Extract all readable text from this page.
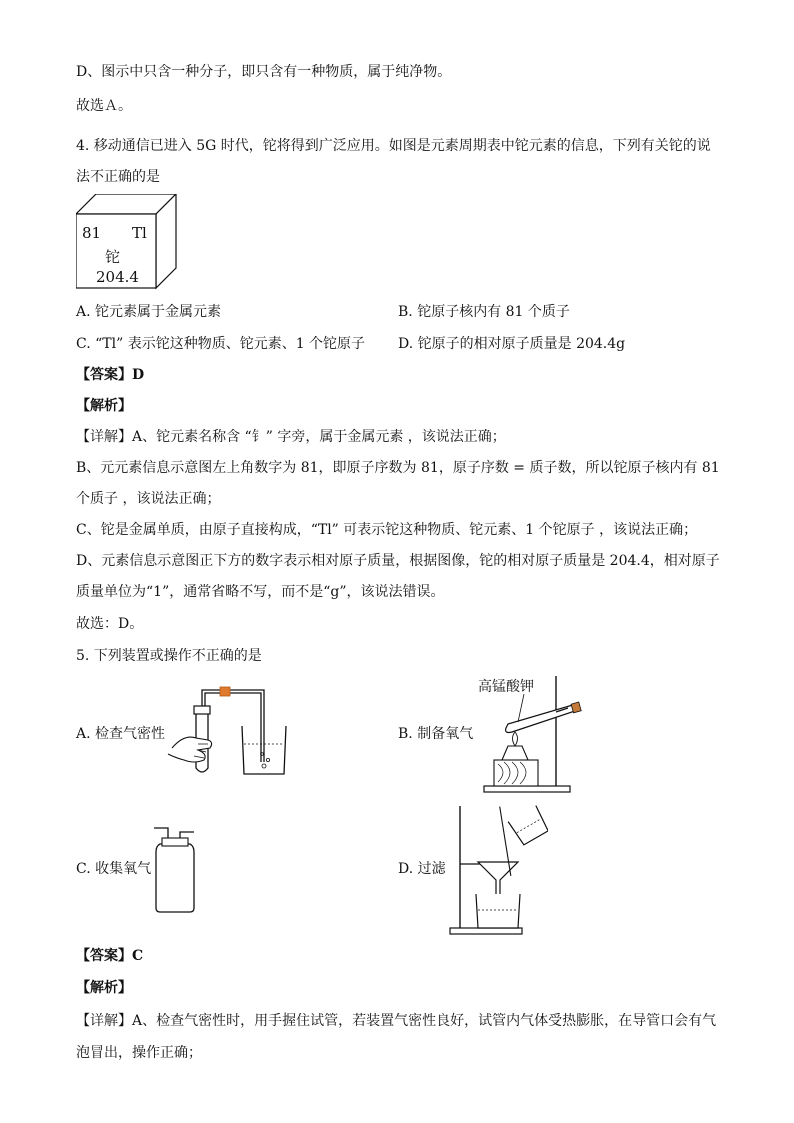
D、图示中只含一种分子，即只含有一种物质，属于纯净物。
故选Ａ。
4. 移动通信已进入 5G 时代，铊将得到广泛应用。如图是元素周期表中铊元素的信息，下列有关铊的说
法不正确的是
81 Tl
铊
204.4
A. 铊元素属于金属元素	B. 铊原子核内有 81 个质子
C. “Tl” 表示铊这种物质、铊元素、1 个铊原子 D. 铊原子的相对原子质量是 204.4g
【答案】D
【解析】
【详解】A、铊元素名称含 “钅” 字旁，属于金属元素 ，该说法正确；
B、元元素信息示意图左上角数字为 81，即原子序数为 81，原子序数 = 质子数，所以铊原子核内有 81
个质子 ，该说法正确；
C、铊是金属单质，由原子直接构成，“Tl” 可表示铊这种物质、铊元素、1 个铊原子 ，该说法正确；
D、元素信息示意图正下方的数字表示相对原子质量，根据图像，铊的相对原子质量是 204.4，相对原子
质量单位为“1”，通常省略不写，而不是“g”，该说法错误。
故选：D。
5. 下列装置或操作不正确的是
A. 检查气密性	B. 制备氧气
C. 收集氧气	D. 过滤
高锰酸钾
【答案】C
【解析】
【详解】A、检查气密性时，用手握住试管，若装置气密性良好，试管内气体受热膨胀，在导管口会有气
泡冒出，操作正确；
